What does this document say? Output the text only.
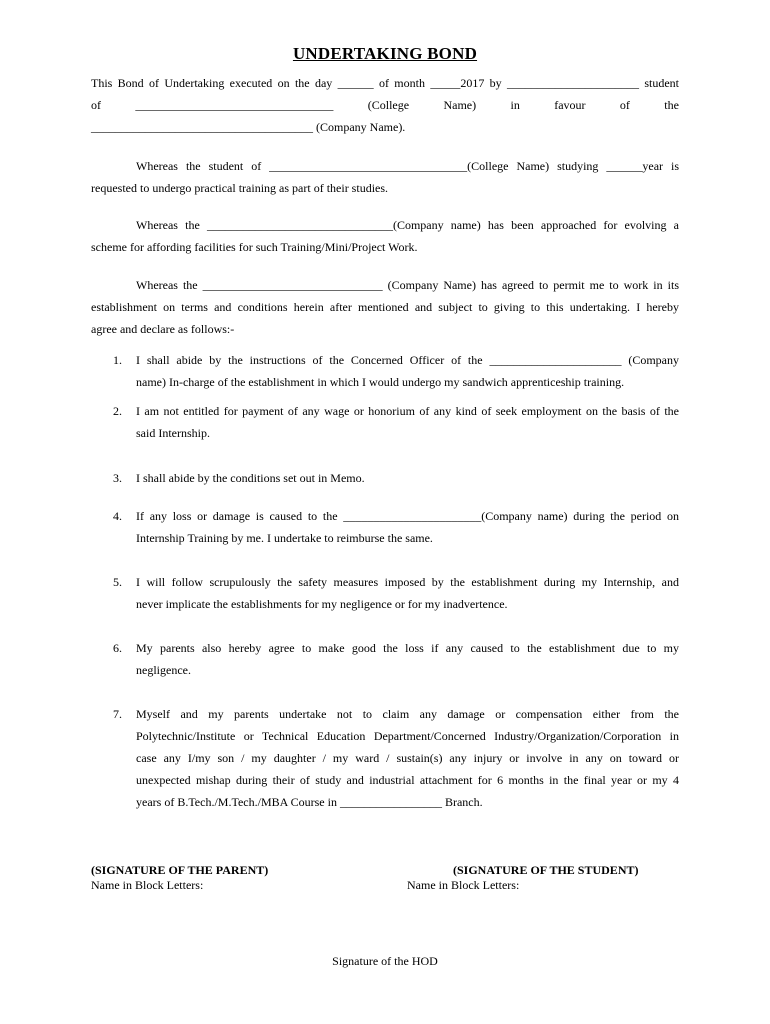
UNDERTAKING BOND
This Bond of Undertaking executed on the day ______ of month _____2017 by ______________________ student
of	_________________________________	(College	Name)	in	favour	of	the
_____________________________________ (Company Name).
Whereas the student of _________________________________(College Name) studying ______year is
requested to undergo practical training as part of their studies.
Whereas the _______________________________(Company name) has been approached for evolving a
scheme for affording facilities for such Training/Mini/Project Work.
Whereas the ______________________________ (Company Name) has agreed to permit me to work in its
establishment on terms and conditions herein after mentioned and subject to giving to this undertaking. I hereby
agree and declare as follows:-
1. I shall abide by the instructions of the Concerned Officer of the ______________________ (Company
name) In-charge of the establishment in which I would undergo my sandwich apprenticeship training.
2. I am not entitled for payment of any wage or honorium of any kind of seek employment on the basis of the
said Internship.
3. I shall abide by the conditions set out in Memo.
4. If any loss or damage is caused to the _______________________(Company name) during the period on
Internship Training by me. I undertake to reimburse the same.
5. I will follow scrupulously the safety measures imposed by the establishment during my Internship, and
never implicate the establishments for my negligence or for my inadvertence.
6. My parents also hereby agree to make good the loss if any caused to the establishment due to my
negligence.
7. Myself and my parents undertake not to claim any damage or compensation either from the
Polytechnic/Institute or Technical Education Department/Concerned Industry/Organization/Corporation in
case any I/my son / my daughter / my ward / sustain(s) any injury or involve in any on toward or
unexpected mishap during their of study and industrial attachment for 6 months in the final year or my 4
years of B.Tech./M.Tech./MBA Course in _________________ Branch.
(SIGNATURE OF THE PARENT)
Name in Block Letters:
(SIGNATURE OF THE STUDENT)
Name in Block Letters:
Signature of the HOD
